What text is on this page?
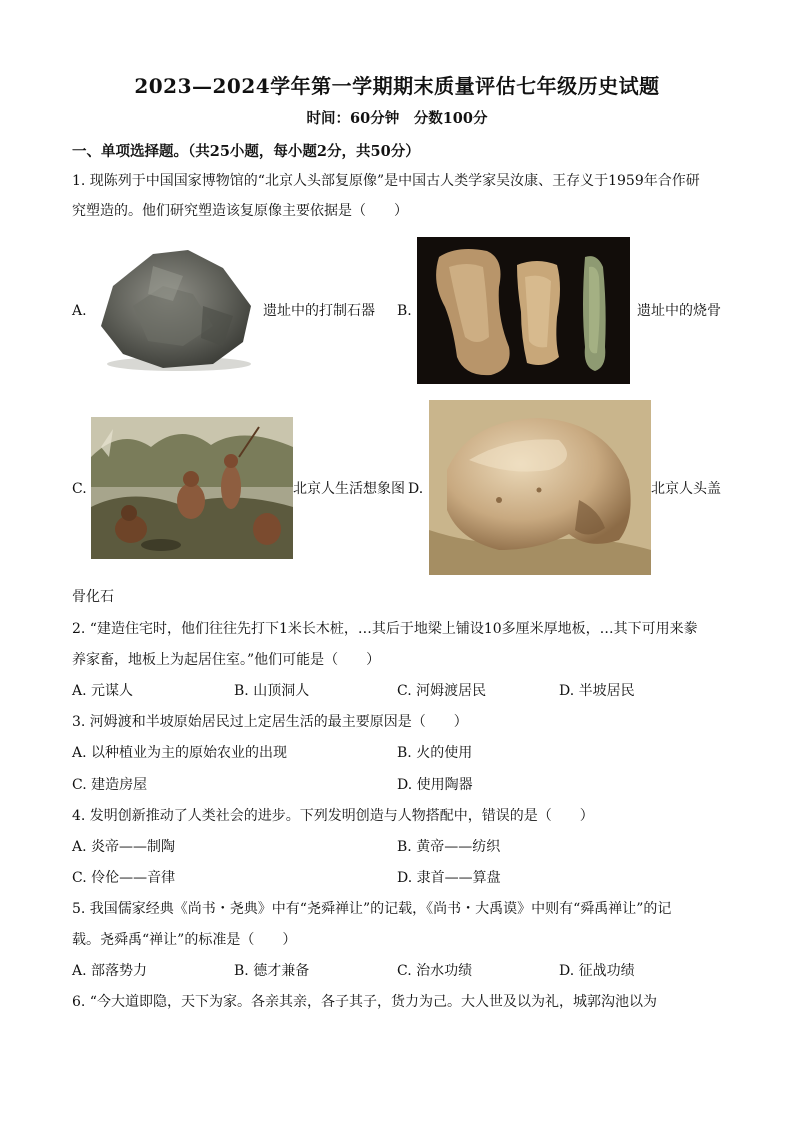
2023—2024学年第一学期期末质量评估七年级历史试题
时间：60分钟　分数100分
一、单项选择题。（共25小题，每小题2分，共50分）
1. 现陈列于中国国家博物馆的“北京人头部复原像”是中国古人类学家吴汝康、王存义于1959年合作研
究塑造的。他们研究塑造该复原像主要依据是（　　）
A.	遗址中的打制石器 B.	遗址中的烧骨
C.	北京人生活想象图 D.	北京人头盖
骨化石
2. “建造住宅时，他们往往先打下1米长木桩，…其后于地梁上铺设10多厘米厚地板，…其下可用来豢
养家畜，地板上为起居住室。”他们可能是（　　）
A. 元谋人	B. 山顶洞人	C. 河姆渡居民	D. 半坡居民
3. 河姆渡和半坡原始居民过上定居生活的最主要原因是（　　）
A. 以种植业为主的原始农业的出现	B. 火的使用
C. 建造房屋	D. 使用陶器
4. 发明创新推动了人类社会的进步。下列发明创造与人物搭配中，错误的是（　　）
A. 炎帝——制陶	B. 黄帝——纺织
C. 伶伦——音律	D. 隶首——算盘
5. 我国儒家经典《尚书・尧典》中有“尧舜禅让”的记载，《尚书・大禹谟》中则有“舜禹禅让”的记
载。尧舜禹“禅让”的标准是（　　）
A. 部落势力	B. 德才兼备	C. 治水功绩	D. 征战功绩
6. “今大道即隐，天下为家。各亲其亲，各子其子，货力为己。大人世及以为礼，城郭沟池以为
